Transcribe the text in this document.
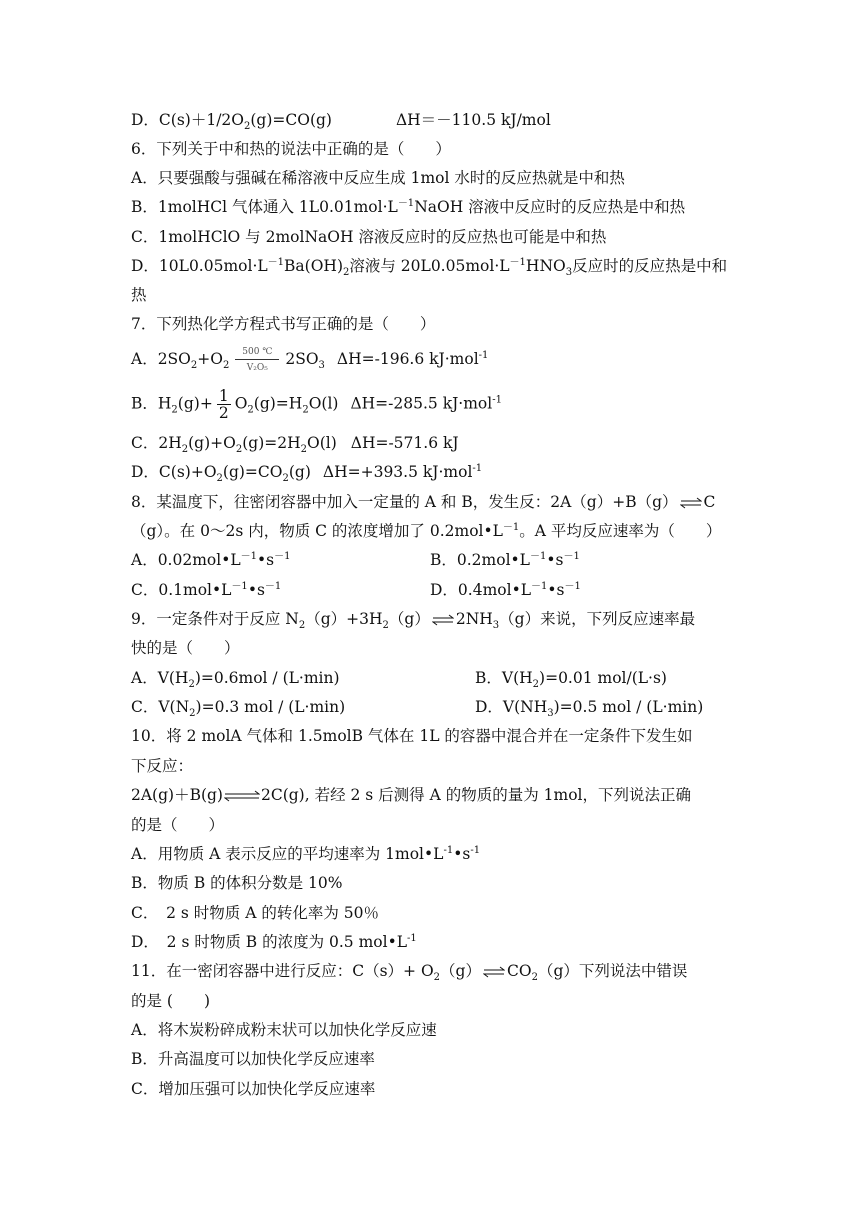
D．$C(s)+1/2O_2(g)=CO(g)$	ΔH＝－110.5 kJ/mol
6．下列关于中和热的说法中正确的是（　　）
A．只要强酸与强碱在稀溶液中反应生成 1mol 水时的反应热就是中和热
B．1molHCl 气体通入 $1L0.01mol\cdot L^{-1}NaOH$ 溶液中反应时的反应热是中和热
C．1molHClO 与 2molNaOH 溶液反应时的反应热也可能是中和热
D．$10L0.05mol\cdot L^{-1}Ba(OH)_2$溶液与 $20L0.05mol\cdot L^{-1}HNO_3$反应时的反应热是中和
热
7．下列热化学方程式书写正确的是（　　）
A．$2SO_2+O_2 \frac{500 ℃}{\text{V₂O₅}} 2SO_3$ ΔH=-196.6 kJ·mol$^{-1}$
B．$H_2(g)+ \frac{1}{2} O_2(g)=H_2O(l)$ ΔH=-285.5 kJ·mol$^{-1}$
C．$2H_2(g)+O_2(g)=2H_2O(l)$ ΔH=-571.6 kJ
D．$C(s)+O_2(g)=CO_2(g)$ ΔH=+393.5 kJ·mol$^{-1}$
8．某温度下，往密闭容器中加入一定量的 A 和 B，发生反：2A（g）+B（g） ⇌ C
（g）。在 0～2s 内，物质 C 的浓度增加了 $0.2mol•L^{-1}$。A 平均反应速率为（　　）
A．$0.02mol•L^{-1}•s^{-1}$	B．$0.2mol•L^{-1}•s^{-1}$
C．$0.1mol•L^{-1}•s^{-1}$	D．$0.4mol•L^{-1}•s^{-1}$
9．一定条件对于反应 $N_2(g)+3H_2(g)$ ⇌ $2NH_3(g)$来说，下列反应速率最
快的是（　　）
A．$V(H_2)=0.6mol / (L\cdot\min)$	B．$V(H_2)=0.01$ mol/(L·s)
C．$V(N_2)=0.3$ mol / (L·min)	D．$V(NH_3)=0.5$ mol / (L·min)
10．将 2 molA 气体和 1.5molB 气体在 1L 的容器中混合并在一定条件下发生如
下反应：
2A(g)＋B(g)⇌2C(g), 若经 2 s 后测得 A 的物质的量为 1mol，下列说法正确
的是（　　）
A．用物质 A 表示反应的平均速率为 $1mol•L^{-1}•s^{-1}$
B．物质 B 的体积分数是 10%
C．　2 s 时物质 A 的转化率为 50％
D．　2 s 时物质 B 的浓度为 0.5 $mol•L^{-1}$
11．在一密闭容器中进行反应：$C(s)+ O_2(g)$ ⇌ $CO_2(g)$下列说法中错误
的是 (　　)
A．将木炭粉碎成粉末状可以加快化学反应速
B．升高温度可以加快化学反应速率
C．增加压强可以加快化学反应速率
